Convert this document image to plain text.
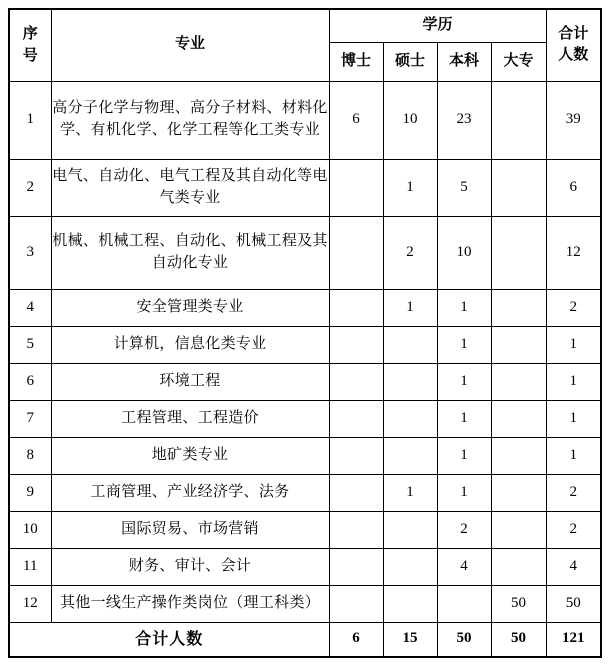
序号	专业	学历				合计人数
		博士	硕士	本科	大专	
1	高分子化学与物理、高分子材料、材料化学、有机化学、化学工程等化工类专业	6	10	23		39
2	电气、自动化、电气工程及其自动化等电气类专业		1	5		6
3	机械、机械工程、自动化、机械工程及其自动化专业		2	10		12
4	安全管理类专业		1	1		2
5	计算机，信息化类专业			1		1
6	环境工程			1		1
7	工程管理、工程造价			1		1
8	地矿类专业			1		1
9	工商管理、产业经济学、法务		1	1		2
10	国际贸易、市场营销			2		2
11	财务、审计、会计			4		4
12	其他一线生产操作类岗位（理工科类）				50	50
合计人数		6	15	50	50	121
